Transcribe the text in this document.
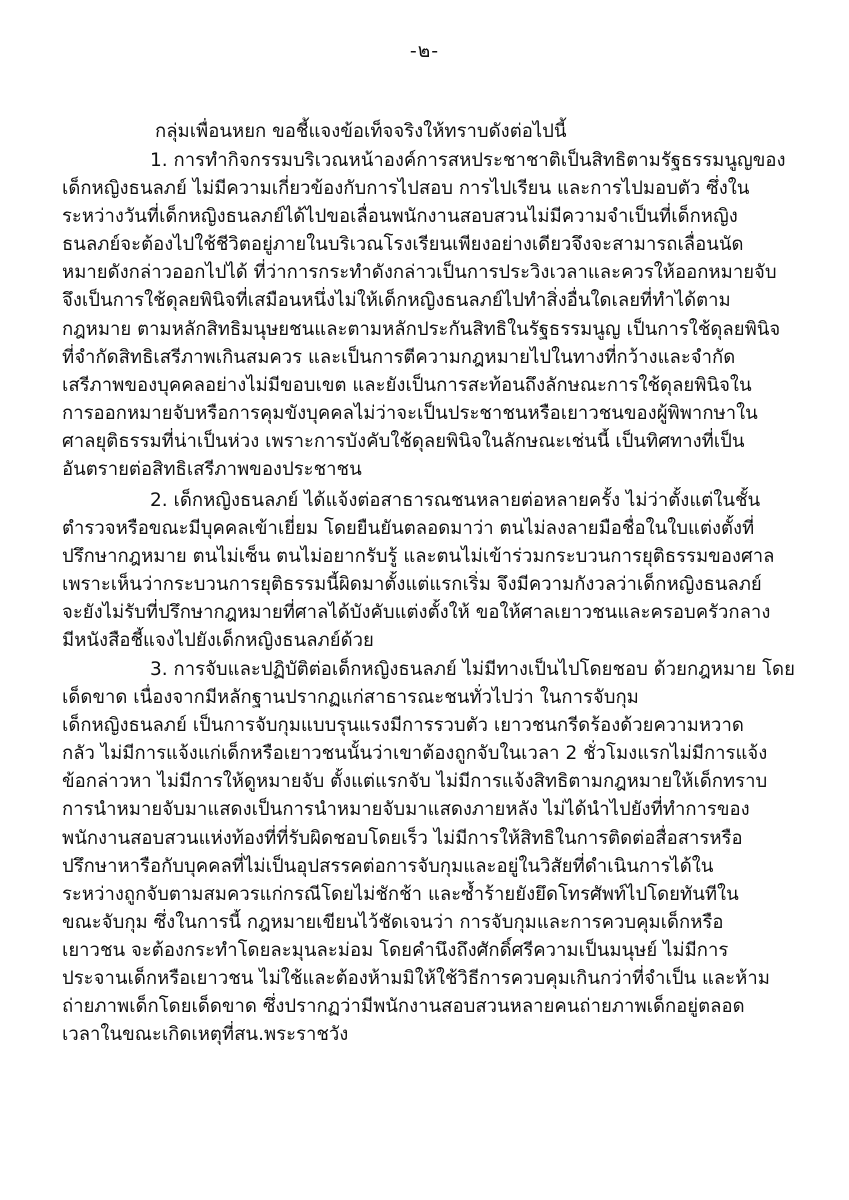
-๒-
กลุ่มเพื่อนหยก ขอชี้แจงข้อเท็จจริงให้ทราบดังต่อไปนี้
1. การทำกิจกรรมบริเวณหน้าองค์การสหประชาชาติเป็นสิทธิตามรัฐธรรมนูญของ
เด็กหญิงธนลภย์ ไม่มีความเกี่ยวข้องกับการไปสอบ การไปเรียน และการไปมอบตัว ซึ่งใน
ระหว่างวันที่เด็กหญิงธนลภย์ได้ไปขอเลื่อนพนักงานสอบสวนไม่มีความจำเป็นที่เด็กหญิง
ธนลภย์จะต้องไปใช้ชีวิตอยู่ภายในบริเวณโรงเรียนเพียงอย่างเดียวจึงจะสามารถเลื่อนนัด
หมายดังกล่าวออกไปได้ ที่ว่าการกระทำดังกล่าวเป็นการประวิงเวลาและควรให้ออกหมายจับ
จึงเป็นการใช้ดุลยพินิจที่เสมือนหนึ่งไม่ให้เด็กหญิงธนลภย์ไปทำสิ่งอื่นใดเลยที่ทำได้ตาม
กฎหมาย ตามหลักสิทธิมนุษยชนและตามหลักประกันสิทธิในรัฐธรรมนูญ เป็นการใช้ดุลยพินิจ
ที่จำกัดสิทธิเสรีภาพเกินสมควร และเป็นการตีความกฎหมายไปในทางที่กว้างและจำกัด
เสรีภาพของบุคคลอย่างไม่มีขอบเขต และยังเป็นการสะท้อนถึงลักษณะการใช้ดุลยพินิจใน
การออกหมายจับหรือการคุมขังบุคคลไม่ว่าจะเป็นประชาชนหรือเยาวชนของผู้พิพากษาใน
ศาลยุติธรรมที่น่าเป็นห่วง เพราะการบังคับใช้ดุลยพินิจในลักษณะเช่นนี้ เป็นทิศทางที่เป็น
อันตรายต่อสิทธิเสรีภาพของประชาชน
2. เด็กหญิงธนลภย์ ได้แจ้งต่อสาธารณชนหลายต่อหลายครั้ง ไม่ว่าตั้งแต่ในชั้น
ตำรวจหรือขณะมีบุคคลเข้าเยี่ยม โดยยืนยันตลอดมาว่า ตนไม่ลงลายมือชื่อในใบแต่งตั้งที่
ปรึกษากฎหมาย ตนไม่เซ็น ตนไม่อยากรับรู้ และตนไม่เข้าร่วมกระบวนการยุติธรรมของศาล
เพราะเห็นว่ากระบวนการยุติธรรมนี้ผิดมาตั้งแต่แรกเริ่ม จึงมีความกังวลว่าเด็กหญิงธนลภย์
จะยังไม่รับที่ปรึกษากฎหมายที่ศาลได้บังคับแต่งตั้งให้ ขอให้ศาลเยาวชนและครอบครัวกลาง
มีหนังสือชี้แจงไปยังเด็กหญิงธนลภย์ด้วย
3. การจับและปฏิบัติต่อเด็กหญิงธนลภย์ ไม่มีทางเป็นไปโดยชอบ ด้วยกฎหมาย โดย
เด็ดขาด เนื่องจากมีหลักฐานปรากฏแก่สาธารณะชนทั่วไปว่า ในการจับกุม
เด็กหญิงธนลภย์ เป็นการจับกุมแบบรุนแรงมีการรวบตัว เยาวชนกรีดร้องด้วยความหวาด
กลัว ไม่มีการแจ้งแก่เด็กหรือเยาวชนนั้นว่าเขาต้องถูกจับในเวลา 2 ชั่วโมงแรกไม่มีการแจ้ง
ข้อกล่าวหา ไม่มีการให้ดูหมายจับ ตั้งแต่แรกจับ ไม่มีการแจ้งสิทธิตามกฎหมายให้เด็กทราบ
การนำหมายจับมาแสดงเป็นการนำหมายจับมาแสดงภายหลัง ไม่ได้นำไปยังที่ทำการของ
พนักงานสอบสวนแห่งท้องที่ที่รับผิดชอบโดยเร็ว ไม่มีการให้สิทธิในการติดต่อสื่อสารหรือ
ปรึกษาหารือกับบุคคลที่ไม่เป็นอุปสรรคต่อการจับกุมและอยู่ในวิสัยที่ดำเนินการได้ใน
ระหว่างถูกจับตามสมควรแก่กรณีโดยไม่ชักช้า และซ้ำร้ายยังยึดโทรศัพท์ไปโดยทันทีใน
ขณะจับกุม ซึ่งในการนี้ กฎหมายเขียนไว้ชัดเจนว่า การจับกุมและการควบคุมเด็กหรือ
เยาวชน จะต้องกระทำโดยละมุนละม่อม โดยคำนึงถึงศักดิ์ศรีความเป็นมนุษย์ ไม่มีการ
ประจานเด็กหรือเยาวชน ไม่ใช้และต้องห้ามมิให้ใช้วิธีการควบคุมเกินกว่าที่จำเป็น และห้าม
ถ่ายภาพเด็กโดยเด็ดขาด ซึ่งปรากฏว่ามีพนักงานสอบสวนหลายคนถ่ายภาพเด็กอยู่ตลอด
เวลาในขณะเกิดเหตุที่สน.พระราชวัง
